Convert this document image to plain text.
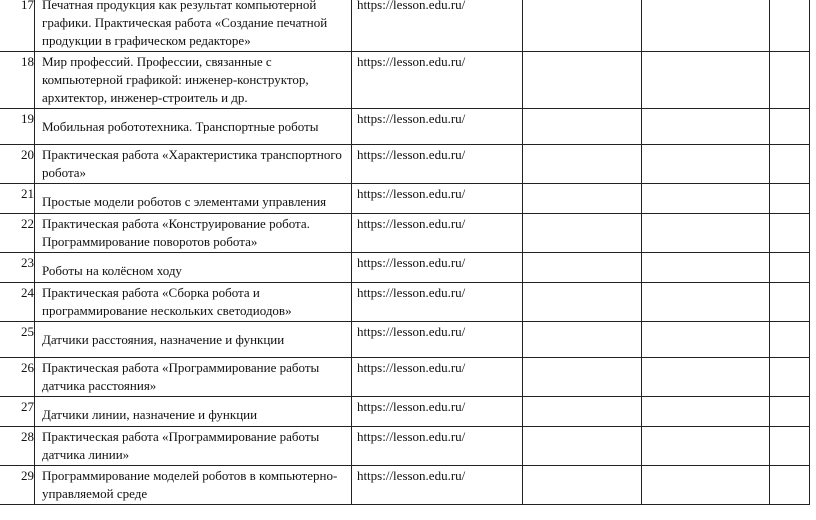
17	Печатная продукция как результат компьютерной графики. Практическая работа «Создание печатной продукции в графическом редакторе»	https://lesson.edu.ru/			

18	Мир профессий. Профессии, связанные с компьютерной графикой: инженер-конструктор, архитектор, инженер-строитель и др.	https://lesson.edu.ru/			

19	Мобильная робототехника. Транспортные роботы	https://lesson.edu.ru/			

20	Практическая работа «Характеристика транспортного робота»	https://lesson.edu.ru/			

21	Простые модели роботов с элементами управления	https://lesson.edu.ru/			

22	Практическая работа «Конструирование робота. Программирование поворотов робота»	https://lesson.edu.ru/			

23	Роботы на колёсном ходу	https://lesson.edu.ru/			

24	Практическая работа «Сборка робота и программирование нескольких светодиодов»	https://lesson.edu.ru/			

25	Датчики расстояния, назначение и функции	https://lesson.edu.ru/			

26	Практическая работа «Программирование работы датчика расстояния»	https://lesson.edu.ru/			

27	Датчики линии, назначение и функции	https://lesson.edu.ru/			

28	Практическая работа «Программирование работы датчика линии»	https://lesson.edu.ru/			

29	Программирование моделей роботов в компьютерно-управляемой среде	https://lesson.edu.ru/			
